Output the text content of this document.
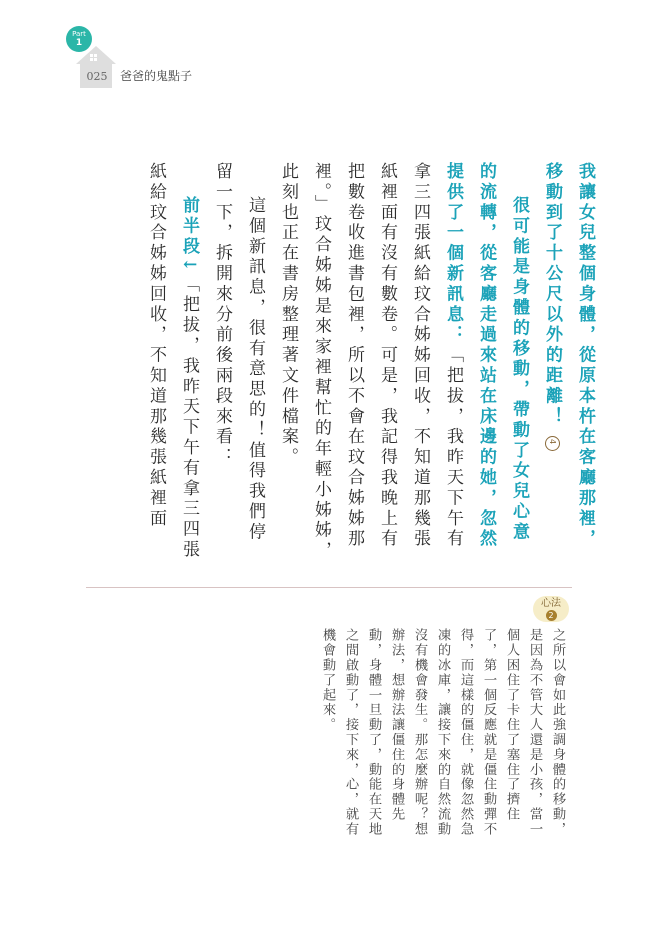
Part
1
025	爸爸的鬼點子

我讓女兒整個身體，從原本杵在客廳那裡，移動到了十公尺以外的距離！ 4

很可能是身體的移動，帶動了女兒心意的流轉，從客廳走過來站在床邊的她，忽然提供了一個新訊息：「把拔，我昨天下午有拿三四張紙給玟合姊姊回收，不知道那幾張紙裡面有沒有數卷。可是，我記得我晚上有把數卷收進書包裡，所以不會在玟合姊姊那裡。」玟合姊姊是來家裡幫忙的年輕小姊姊，此刻也正在書房整理著文件檔案。

這個新訊息，很有意思的！值得我們停留一下，拆開來分前後兩段來看：

前半段↓「把拔，我昨天下午有拿三四張紙給玟合姊姊回收，不知道那幾張紙裡面

心法
2

之所以會如此強調身體的移動，是因為不管大人還是小孩，當一個人困住了卡住了塞住了擠住了，第一個反應就是僵住動彈不得，而這樣的僵住，就像忽然急凍的冰庫，讓接下來的自然流動沒有機會發生。那怎麼辦呢？想辦法，想辦法讓僵住的身體先動，身體一旦動了，動能在天地之間啟動了，接下來，心，就有機會動了起來。
